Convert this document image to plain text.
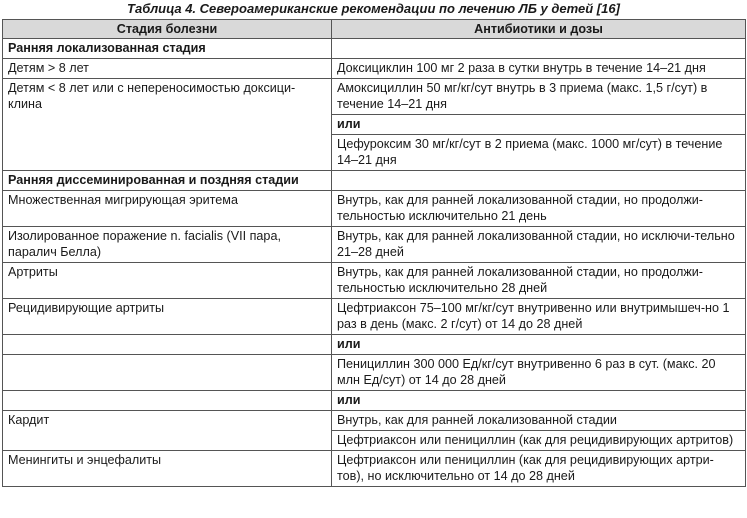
Таблица 4. Североамериканские рекомендации по лечению ЛБ у детей [16]
Стадия болезни	Антибиотики и дозы
Ранняя локализованная стадия	
Детям > 8 лет	Доксициклин 100 мг 2 раза в сутки внутрь в течение 14–21 дня
Детям < 8 лет или с непереносимостью доксици-клина	Амоксициллин 50 мг/кг/сут внутрь в 3 приема (макс. 1,5 г/сут) в течение 14–21 дня
	или
	Цефуроксим 30 мг/кг/сут в 2 приема (макс. 1000 мг/сут) в течение 14–21 дня
Ранняя диссеминированная и поздняя стадии	
Множественная мигрирующая эритема	Внутрь, как для ранней локализованной стадии, но продолжи-тельностью исключительно 21 день
Изолированное поражение n. facialis (VII пара, паралич Белла)	Внутрь, как для ранней локализованной стадии, но исключи-тельно 21–28 дней
Артриты	Внутрь, как для ранней локализованной стадии, но продолжи-тельностью исключительно 28 дней
Рецидивирующие артриты	Цефтриаксон 75–100 мг/кг/сут внутривенно или внутримышеч-но 1 раз в день (макс. 2 г/сут) от 14 до 28 дней
	или
	Пенициллин 300 000 Ед/кг/сут внутривенно 6 раз в сут. (макс. 20 млн Ед/сут) от 14 до 28 дней
	или
Кардит	Внутрь, как для ранней локализованной стадии
	Цефтриаксон или пенициллин (как для рецидивирующих артритов)
Менингиты и энцефалиты	Цефтриаксон или пенициллин (как для рецидивирующих артри-тов), но исключительно от 14 до 28 дней
